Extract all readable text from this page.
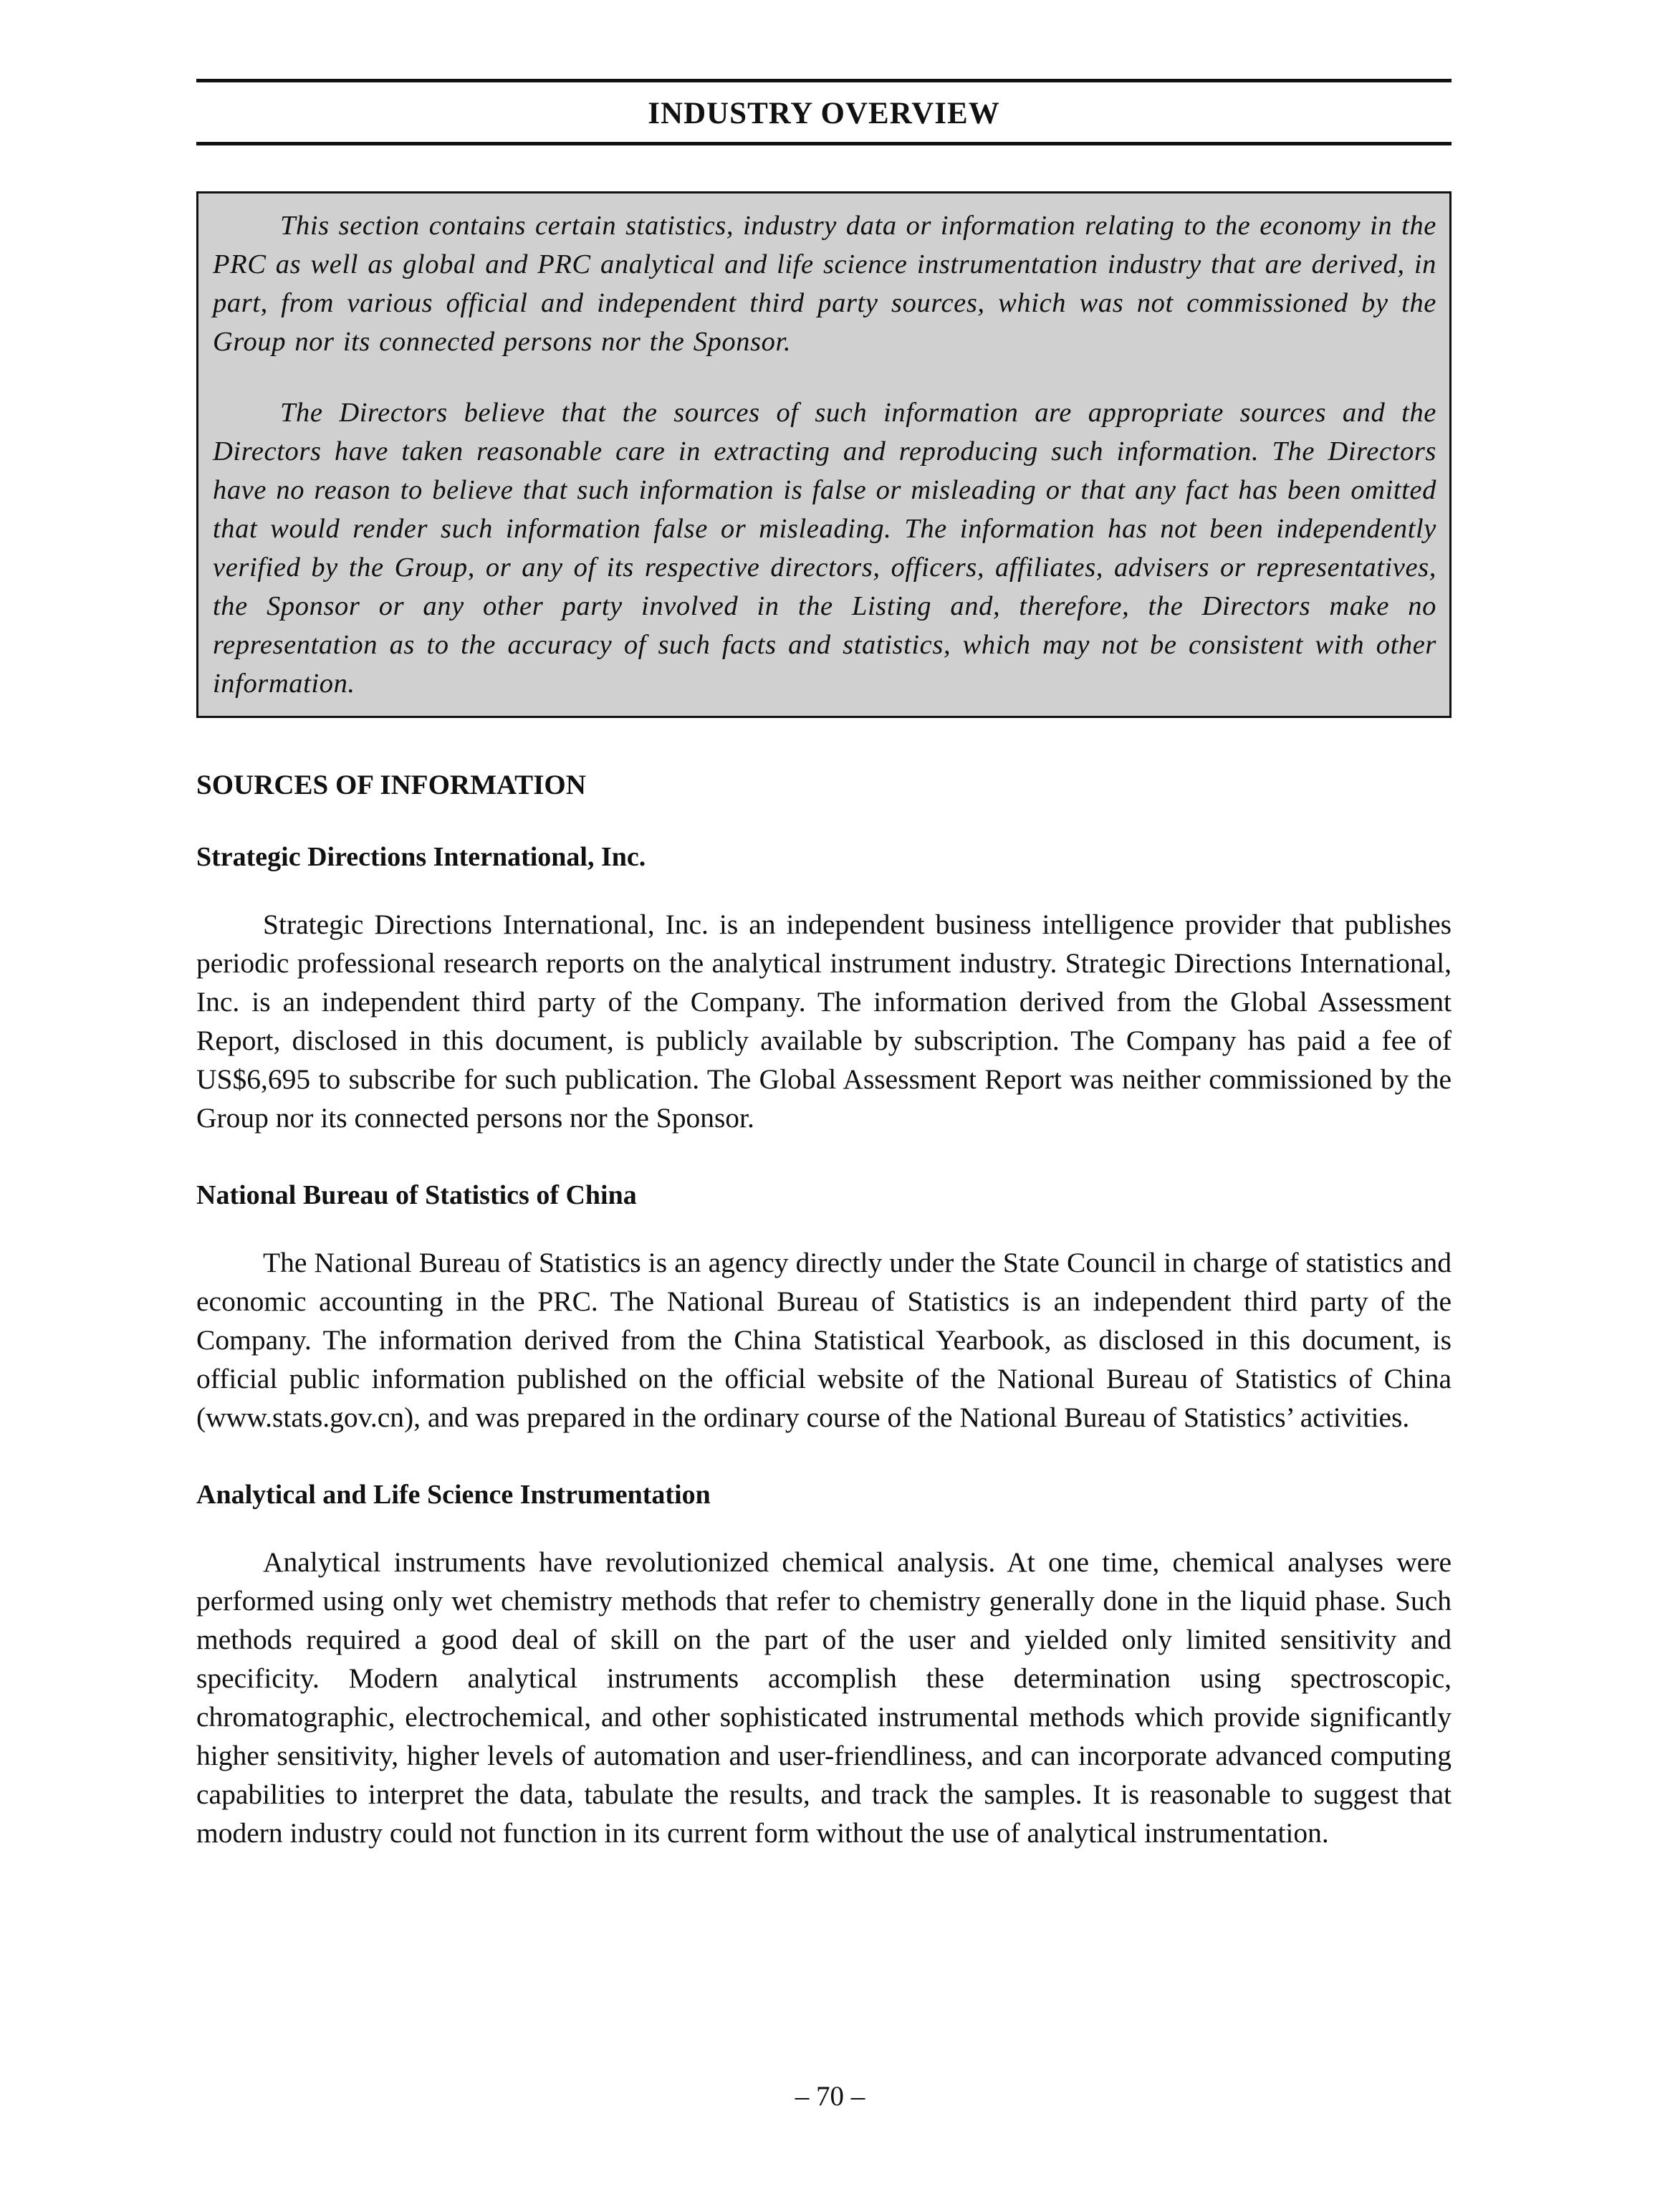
INDUSTRY OVERVIEW

This section contains certain statistics, industry data or information relating to the economy in the PRC as well as global and PRC analytical and life science instrumentation industry that are derived, in part, from various official and independent third party sources, which was not commissioned by the Group nor its connected persons nor the Sponsor.

The Directors believe that the sources of such information are appropriate sources and the Directors have taken reasonable care in extracting and reproducing such information. The Directors have no reason to believe that such information is false or misleading or that any fact has been omitted that would render such information false or misleading. The information has not been independently verified by the Group, or any of its respective directors, officers, affiliates, advisers or representatives, the Sponsor or any other party involved in the Listing and, therefore, the Directors make no representation as to the accuracy of such facts and statistics, which may not be consistent with other information.

SOURCES OF INFORMATION
Strategic Directions International, Inc.

Strategic Directions International, Inc. is an independent business intelligence provider that publishes periodic professional research reports on the analytical instrument industry. Strategic Directions International, Inc. is an independent third party of the Company. The information derived from the Global Assessment Report, disclosed in this document, is publicly available by subscription. The Company has paid a fee of US$6,695 to subscribe for such publication. The Global Assessment Report was neither commissioned by the Group nor its connected persons nor the Sponsor.

National Bureau of Statistics of China

The National Bureau of Statistics is an agency directly under the State Council in charge of statistics and economic accounting in the PRC. The National Bureau of Statistics is an independent third party of the Company. The information derived from the China Statistical Yearbook, as disclosed in this document, is official public information published on the official website of the National Bureau of Statistics of China (www.stats.gov.cn), and was prepared in the ordinary course of the National Bureau of Statistics’ activities.

Analytical and Life Science Instrumentation

Analytical instruments have revolutionized chemical analysis. At one time, chemical analyses were performed using only wet chemistry methods that refer to chemistry generally done in the liquid phase. Such methods required a good deal of skill on the part of the user and yielded only limited sensitivity and specificity. Modern analytical instruments accomplish these determination using spectroscopic, chromatographic, electrochemical, and other sophisticated instrumental methods which provide significantly higher sensitivity, higher levels of automation and user-friendliness, and can incorporate advanced computing capabilities to interpret the data, tabulate the results, and track the samples. It is reasonable to suggest that modern industry could not function in its current form without the use of analytical instrumentation.

– 70 –
